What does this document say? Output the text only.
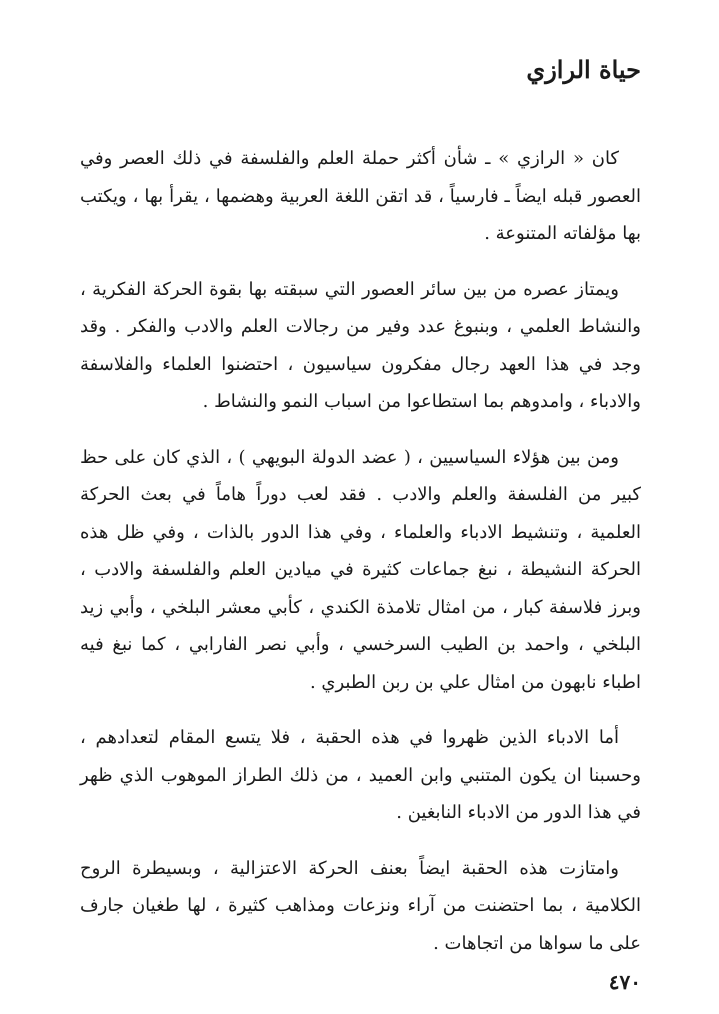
حياة الرازي

كان « الرازي » ـ شأن أكثر حملة العلم والفلسفة في ذلك العصر وفي العصور قبله ايضاً ـ فارسياً ، قد اتقن اللغة العربية وهضمها ، يقرأ بها ، ويكتب بها مؤلفاته المتنوعة .

ويمتاز عصره من بين سائر العصور التي سبقته بها بقوة الحركة الفكرية ، والنشاط العلمي ، وبنبوغ عدد وفير من رجالات العلم والادب والفكر . وقد وجد في هذا العهد رجال مفكرون سياسيون ، احتضنوا العلماء والفلاسفة والادباء ، وامدوهم بما استطاعوا من اسباب النمو والنشاط .

ومن بين هؤلاء السياسيين ، ( عضد الدولة البويهي ) ، الذي كان على حظ كبير من الفلسفة والعلم والادب . فقد لعب دوراً هاماً في بعث الحركة العلمية ، وتنشيط الادباء والعلماء ، وفي هذا الدور بالذات ، وفي ظل هذه الحركة النشيطة ، نبغ جماعات كثيرة في ميادين العلم والفلسفة والادب ، وبرز فلاسفة كبار ، من امثال تلامذة الكندي ، كأبي معشر البلخي ، وأبي زيد البلخي ، واحمد بن الطيب السرخسي ، وأبي نصر الفارابي ، كما نبغ فيه اطباء نابهون من امثال علي بن ربن الطبري .

أما الادباء الذين ظهروا في هذه الحقبة ، فلا يتسع المقام لتعدادهم ، وحسبنا ان يكون المتنبي وابن العميد ، من ذلك الطراز الموهوب الذي ظهر في هذا الدور من الادباء النابغين .

وامتازت هذه الحقبة ايضاً بعنف الحركة الاعتزالية ، وبسيطرة الروح الكلامية ، بما احتضنت من آراء ونزعات ومذاهب كثيرة ، لها طغيان جارف على ما سواها من اتجاهات .

٤٧٠
